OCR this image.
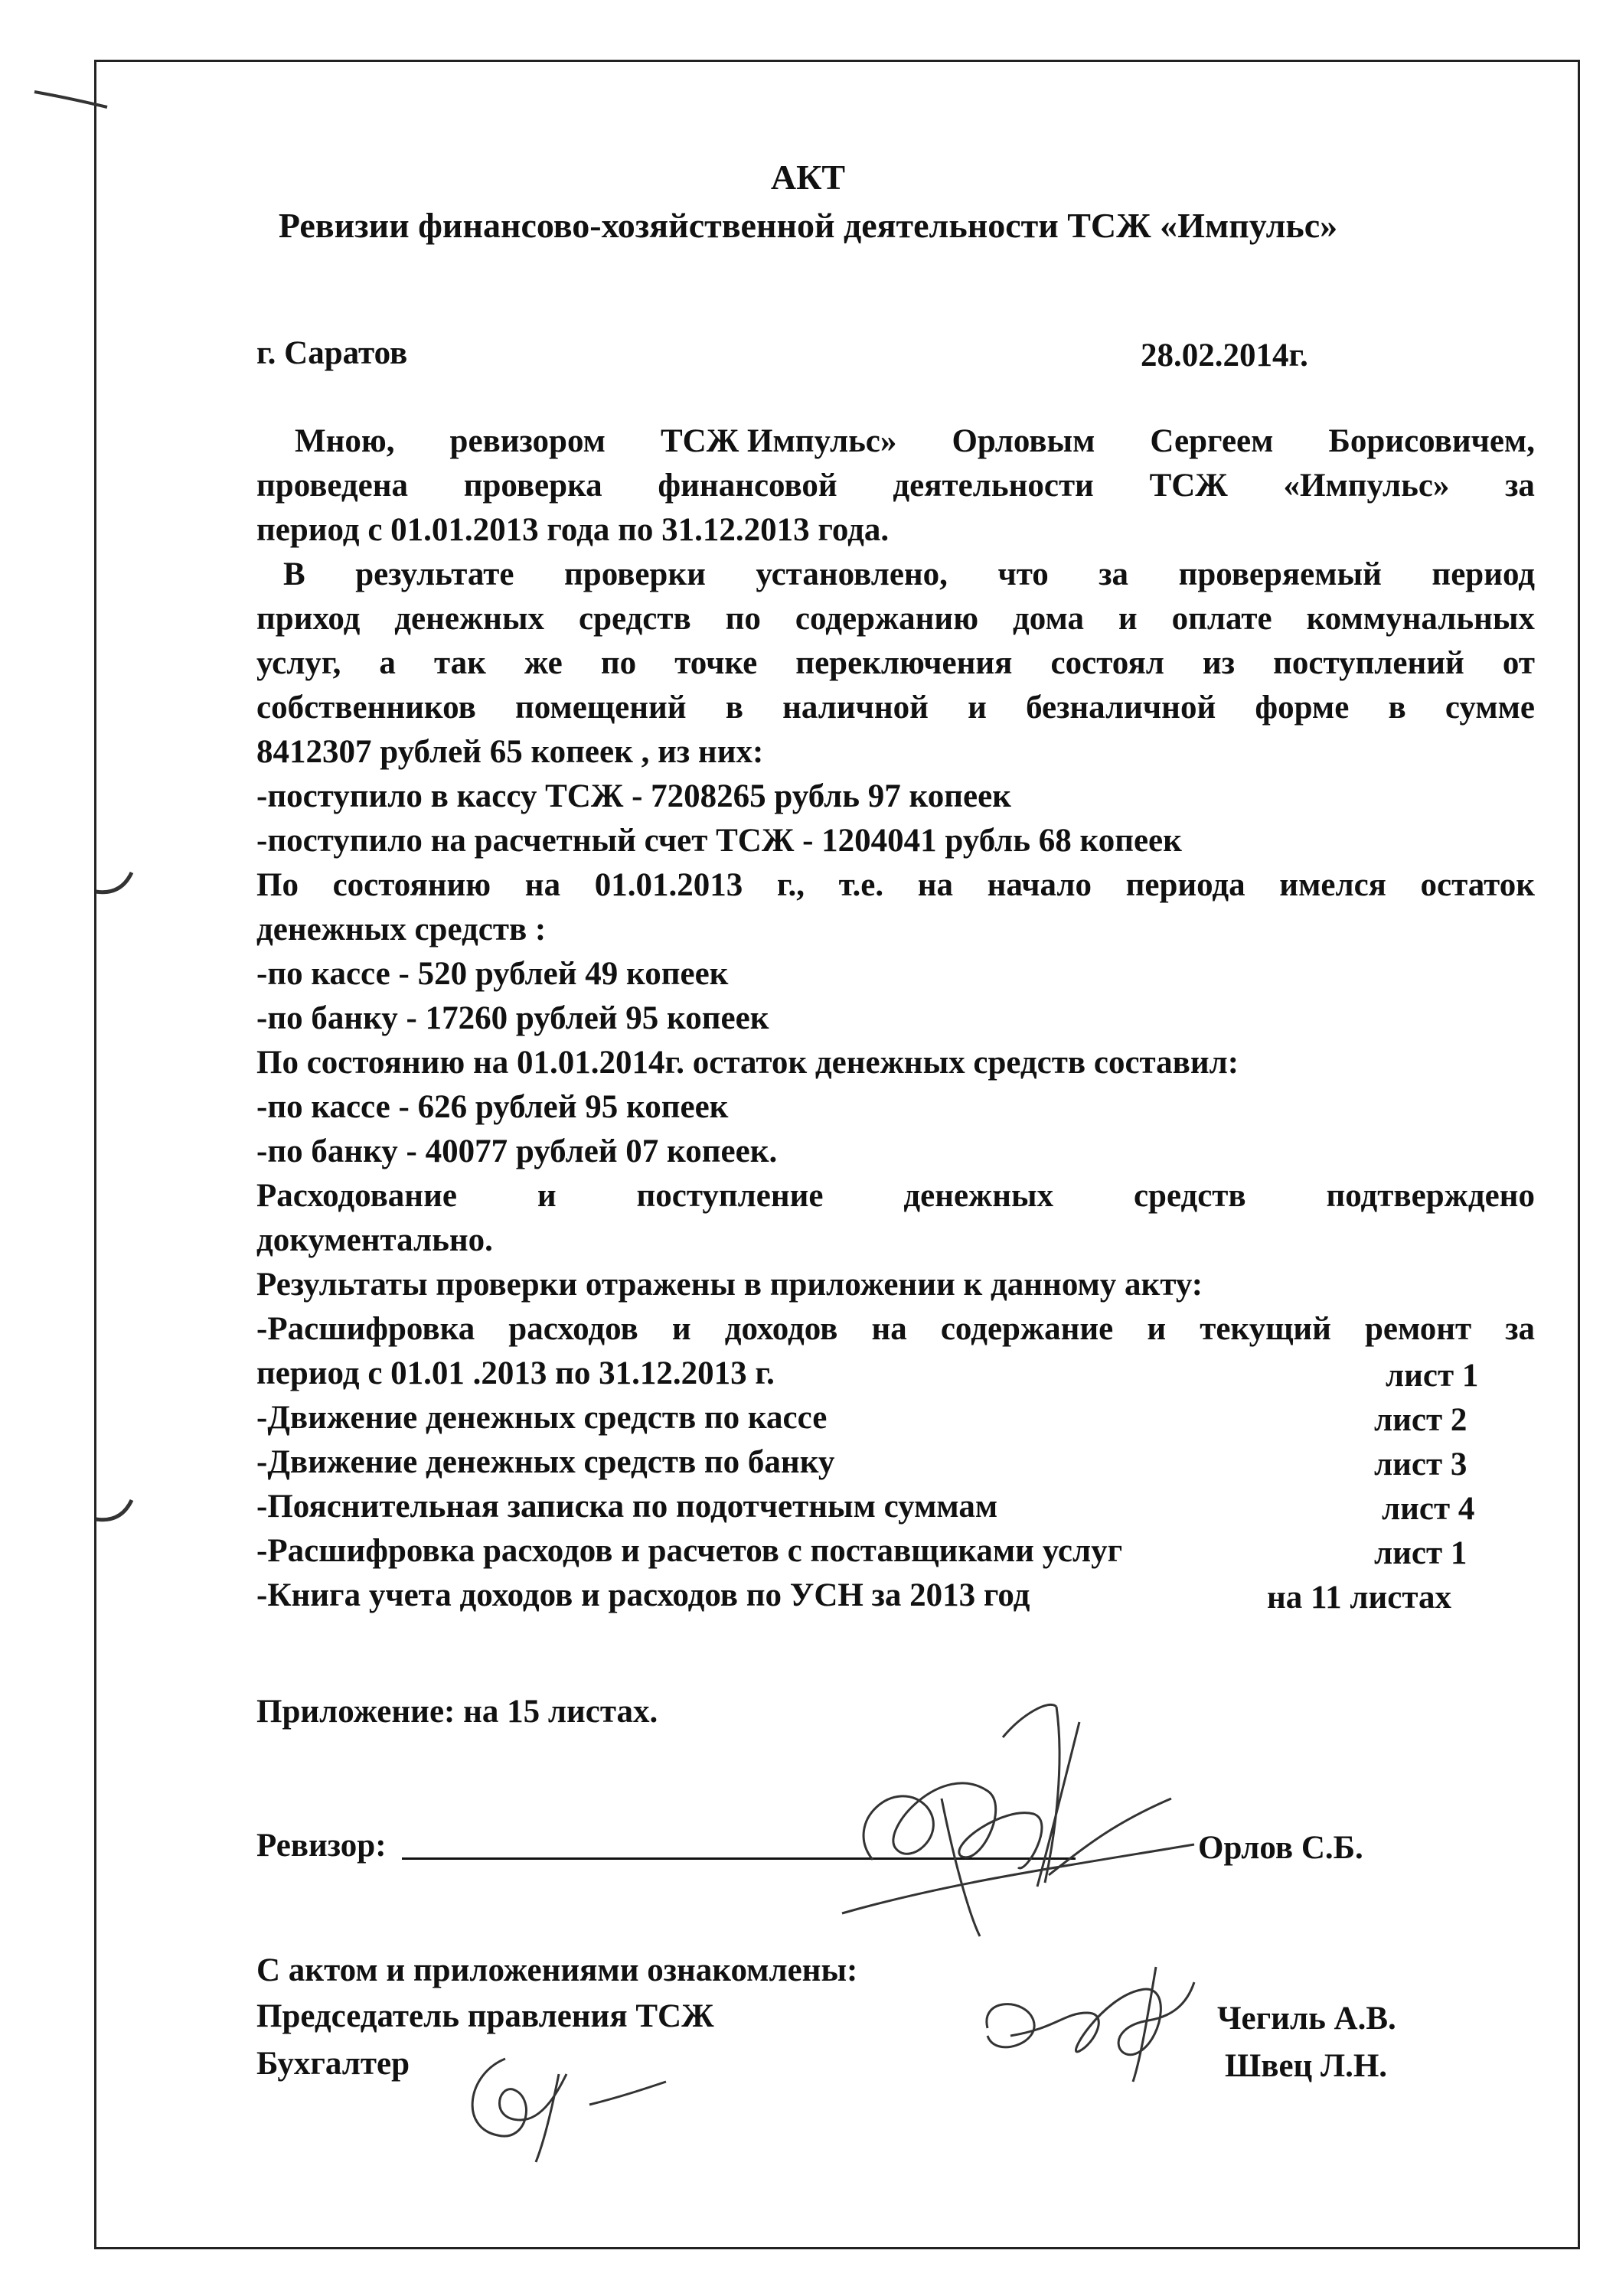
АКТ
Ревизии финансово-хозяйственной деятельности ТСЖ «Импульс»
г. Саратов	28.02.2014г.
Мною, ревизором ТСЖ Импульс» Орловым Сергеем Борисовичем,
проведена проверка финансовой деятельности ТСЖ «Импульс» за
период с 01.01.2013 года по 31.12.2013 года.
В результате проверки установлено, что за проверяемый период
приход денежных средств по содержанию дома и оплате коммунальных
услуг, а так же по точке переключения состоял из поступлений от
собственников помещений в наличной и безналичной форме в сумме
8412307 рублей 65 копеек , из них:
-поступило в кассу ТСЖ - 7208265 рубль 97 копеек
-поступило на расчетный счет ТСЖ - 1204041 рубль 68 копеек
По состоянию на 01.01.2013 г., т.е. на начало периода имелся остаток
денежных средств :
-по кассе - 520 рублей 49 копеек
-по банку - 17260 рублей 95 копеек
По состоянию на 01.01.2014г. остаток денежных средств составил:
-по кассе - 626 рублей 95 копеек
-по банку - 40077 рублей 07 копеек.
Расходование и поступление денежных средств подтверждено
документально.
Результаты проверки отражены в приложении к данному акту:
-Расшифровка расходов и доходов на содержание и текущий ремонт за
период с 01.01 .2013 по 31.12.2013 г.	лист 1
-Движение денежных средств по кассе	лист 2
-Движение денежных средств по банку	лист 3
-Пояснительная записка по подотчетным суммам	лист 4
-Расшифровка расходов и расчетов с поставщиками услуг	лист 1
-Книга учета доходов и расходов по УСН за 2013 год	на 11 листах
Приложение: на 15 листах.
Ревизор:	Орлов С.Б.
С актом и приложениями ознакомлены:
Председатель правления ТСЖ	Чегиль А.В.
Бухгалтер	Швец Л.Н.
